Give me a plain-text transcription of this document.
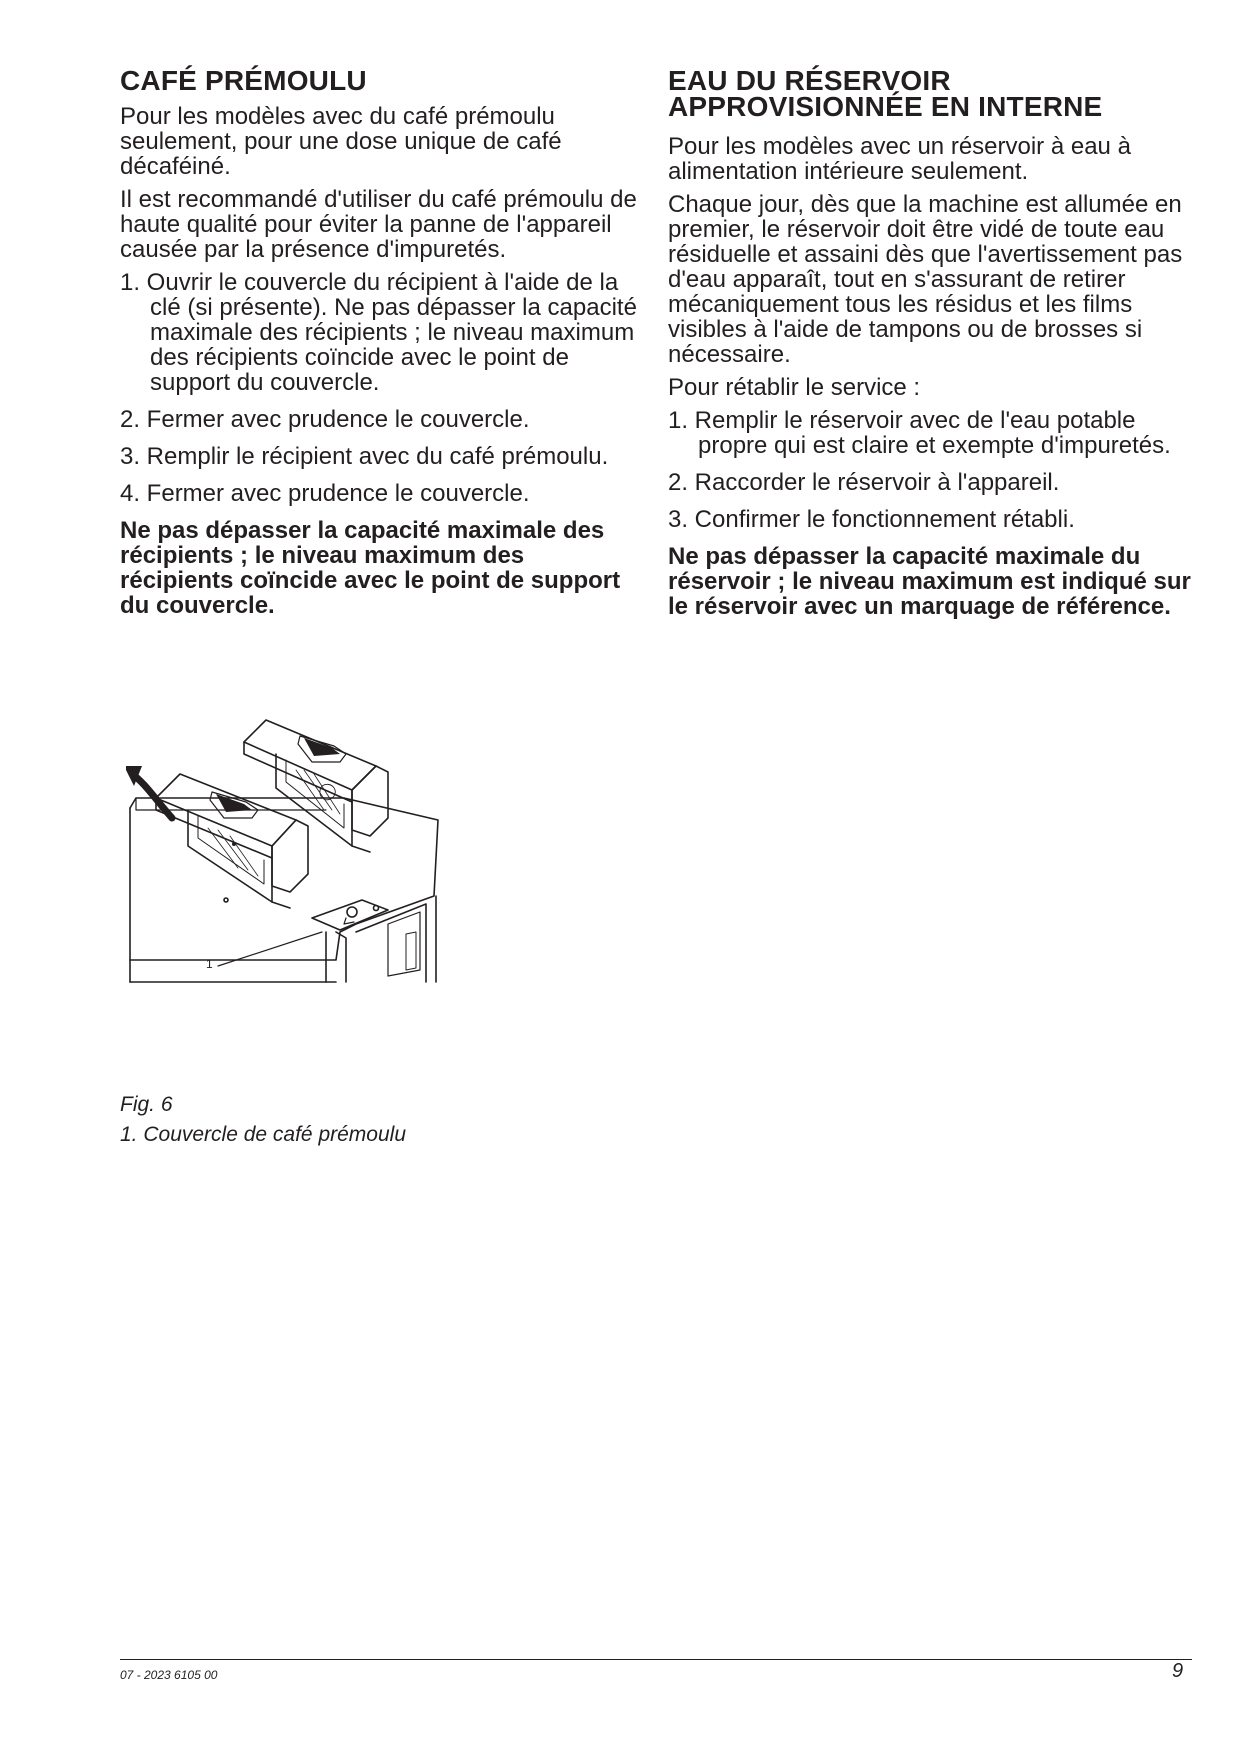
CAFÉ PRÉMOULU

Pour les modèles avec du café prémoulu seulement, pour une dose unique de café décaféiné.

Il est recommandé d'utiliser du café prémoulu de haute qualité pour éviter la panne de l'appareil causée par la présence d'impuretés.

1. Ouvrir le couvercle du récipient à l'aide de la clé (si présente). Ne pas dépasser la capacité maximale des récipients ; le niveau maximum des récipients coïncide avec le point de support du couvercle.
2. Fermer avec prudence le couvercle.
3. Remplir le récipient avec du café prémoulu.
4. Fermer avec prudence le couvercle.
Ne pas dépasser la capacité maximale des récipients ; le niveau maximum des récipients coïncide avec le point de support du couvercle.
EAU DU RÉSERVOIR
APPROVISIONNÉE EN INTERNE

Pour les modèles avec un réservoir à eau à alimentation intérieure seulement.

Chaque jour, dès que la machine est allumée en premier, le réservoir doit être vidé de toute eau résiduelle et assaini dès que l'avertissement pas d'eau apparaît, tout en s'assurant de retirer mécaniquement tous les résidus et les films visibles à l'aide de tampons ou de brosses si nécessaire.

Pour rétablir le service :

1. Remplir le réservoir avec de l'eau potable propre qui est claire et exempte d'impuretés.
2. Raccorder le réservoir à l'appareil.
3. Confirmer le fonctionnement rétabli.
Ne pas dépasser la capacité maximale du réservoir ; le niveau maximum est indiqué sur le réservoir avec un marquage de référence.
1
Fig. 6
1. Couvercle de café prémoulu
07 - 2023 6105 00	9
